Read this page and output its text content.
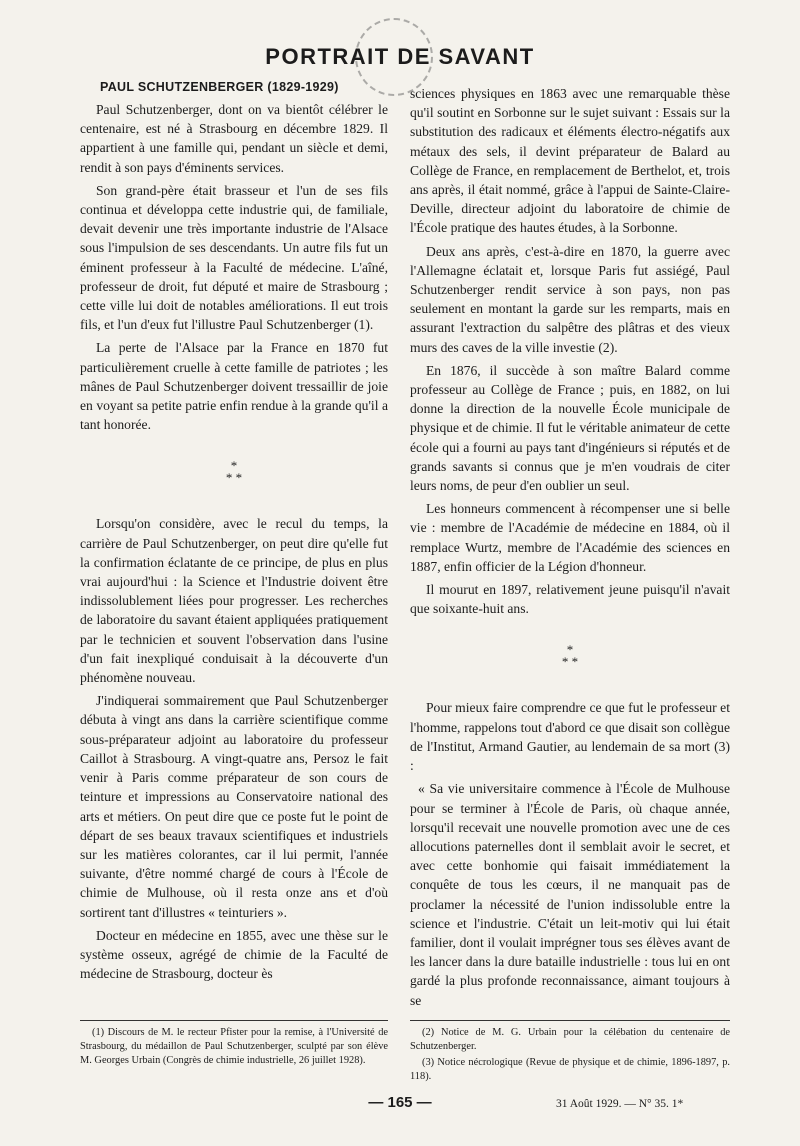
PORTRAIT DE SAVANT
PAUL SCHUTZENBERGER (1829-1929)

Paul Schutzenberger, dont on va bientôt célébrer le centenaire, est né à Strasbourg en décembre 1829. Il appartient à une famille qui, pendant un siècle et demi, rendit à son pays d'éminents services.

Son grand-père était brasseur et l'un de ses fils continua et développa cette industrie qui, de familiale, devait devenir une très importante industrie de l'Alsace sous l'impulsion de ses descendants. Un autre fils fut un éminent professeur à la Faculté de médecine. L'aîné, professeur de droit, fut député et maire de Strasbourg ; cette ville lui doit de notables améliorations. Il eut trois fils, et l'un d'eux fut l'illustre Paul Schutzenberger (1).

La perte de l'Alsace par la France en 1870 fut particulièrement cruelle à cette famille de patriotes ; les mânes de Paul Schutzenberger doivent tressaillir de joie en voyant sa petite patrie enfin rendue à la grande qu'il a tant honorée.

*
* *

Lorsqu'on considère, avec le recul du temps, la carrière de Paul Schutzenberger, on peut dire qu'elle fut la confirmation éclatante de ce principe, de plus en plus vrai aujourd'hui : la Science et l'Industrie doivent être indissolublement liées pour progresser. Les recherches de laboratoire du savant étaient appliquées pratiquement par le technicien et souvent l'observation dans l'usine d'un fait inexpliqué conduisait à la découverte d'un phénomène nouveau.

J'indiquerai sommairement que Paul Schutzenberger débuta à vingt ans dans la carrière scientifique comme sous-préparateur adjoint au laboratoire du professeur Caillot à Strasbourg. A vingt-quatre ans, Persoz le fait venir à Paris comme préparateur de son cours de teinture et impressions au Conservatoire national des arts et métiers. On peut dire que ce poste fut le point de départ de ses beaux travaux scientifiques et industriels sur les matières colorantes, car il lui permit, l'année suivante, d'être nommé chargé de cours à l'École de chimie de Mulhouse, où il resta onze ans et d'où sortirent tant d'illustres « teinturiers ».

Docteur en médecine en 1855, avec une thèse sur le système osseux, agrégé de chimie de la Faculté de médecine de Strasbourg, docteur ès

sciences physiques en 1863 avec une remarquable thèse qu'il soutint en Sorbonne sur le sujet suivant : Essais sur la substitution des radicaux et éléments électro-négatifs aux métaux des sels, il devint préparateur de Balard au Collège de France, en remplacement de Berthelot, et, trois ans après, il était nommé, grâce à l'appui de Sainte-Claire-Deville, directeur adjoint du laboratoire de chimie de l'École pratique des hautes études, à la Sorbonne.

Deux ans après, c'est-à-dire en 1870, la guerre avec l'Allemagne éclatait et, lorsque Paris fut assiégé, Paul Schutzenberger rendit service à son pays, non pas seulement en montant la garde sur les remparts, mais en assurant l'extraction du salpêtre des plâtras et des vieux murs des caves de la ville investie (2).

En 1876, il succède à son maître Balard comme professeur au Collège de France ; puis, en 1882, on lui donne la direction de la nouvelle École municipale de physique et de chimie. Il fut le véritable animateur de cette école qui a fourni au pays tant d'ingénieurs si réputés et de grands savants si connus que je m'en voudrais de citer leurs noms, de peur d'en oublier un seul.

Les honneurs commencent à récompenser une si belle vie : membre de l'Académie de médecine en 1884, où il remplace Wurtz, membre de l'Académie des sciences en 1887, enfin officier de la Légion d'honneur.

Il mourut en 1897, relativement jeune puisqu'il n'avait que soixante-huit ans.

*
* *

Pour mieux faire comprendre ce que fut le professeur et l'homme, rappelons tout d'abord ce que disait son collègue de l'Institut, Armand Gautier, au lendemain de sa mort (3) :

« Sa vie universitaire commence à l'École de Mulhouse pour se terminer à l'École de Paris, où chaque année, lorsqu'il recevait une nouvelle promotion avec une de ces allocutions paternelles dont il semblait avoir le secret, et avec cette bonhomie qui faisait immédiatement la conquête de tous les cœurs, il ne manquait pas de proclamer la nécessité de l'union indissoluble entre la science et l'industrie. C'était un leit-motiv qui lui était familier, dont il voulait imprégner tous ses élèves avant de les lancer dans la dure bataille industrielle : tous lui en ont gardé la plus profonde reconnaissance, aimant toujours à se

(1) Discours de M. le recteur Pfister pour la remise, à l'Université de Strasbourg, du médaillon de Paul Schutzenberger, sculpté par son élève M. Georges Urbain (Congrès de chimie industrielle, 26 juillet 1928).

(2) Notice de M. G. Urbain pour la célébation du centenaire de Schutzenberger.

(3) Notice nécrologique (Revue de physique et de chimie, 1896-1897, p. 118).

— 165 —	31 Août 1929. — N° 35. 1*
